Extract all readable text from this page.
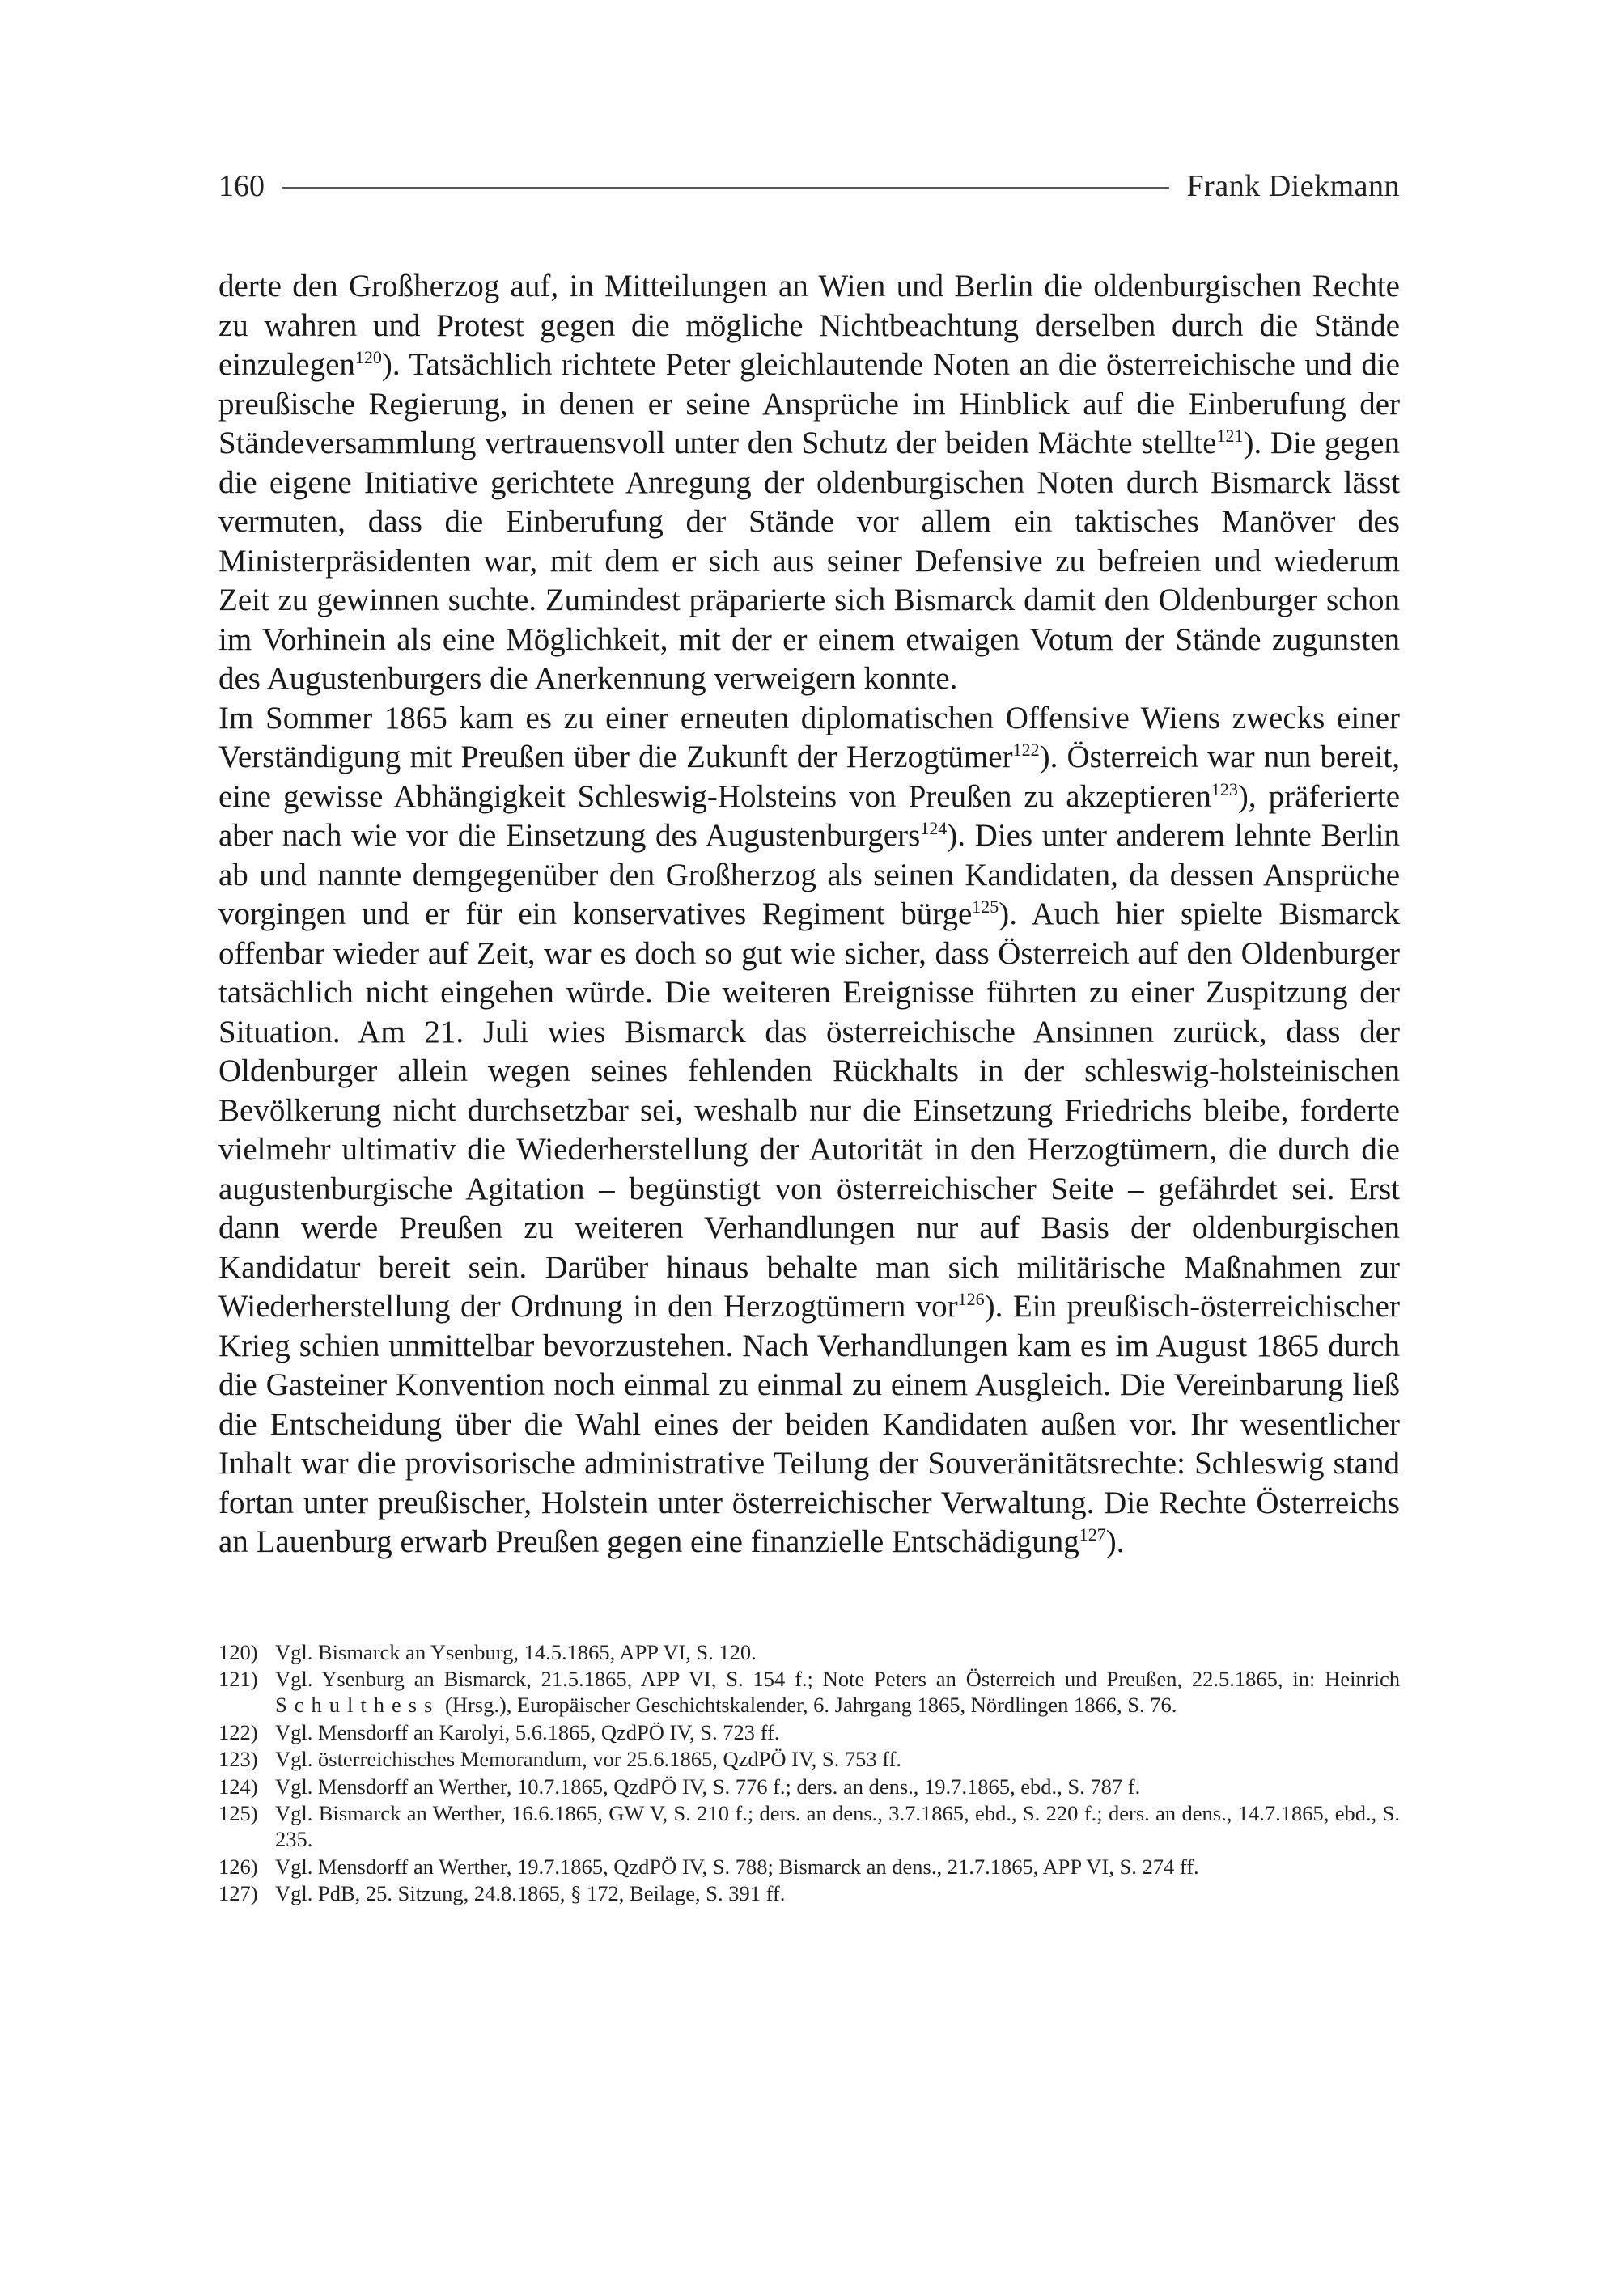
160	Frank Diekmann

derte den Großherzog auf, in Mitteilungen an Wien und Berlin die oldenburgischen Rechte zu wahren und Protest gegen die mögliche Nichtbeachtung derselben durch die Stände einzulegen$^{120}$). Tatsächlich richtete Peter gleichlautende Noten an die österreichische und die preußische Regierung, in denen er seine Ansprüche im Hinblick auf die Einberufung der Ständeversammlung vertrauensvoll unter den Schutz der beiden Mächte stellte$^{121}$). Die gegen die eigene Initiative gerichtete Anregung der oldenburgischen Noten durch Bismarck lässt vermuten, dass die Einberufung der Stände vor allem ein taktisches Manöver des Ministerpräsidenten war, mit dem er sich aus seiner Defensive zu befreien und wiederum Zeit zu gewinnen suchte. Zumindest präparierte sich Bismarck damit den Oldenburger schon im Vorhinein als eine Möglichkeit, mit der er einem etwaigen Votum der Stände zugunsten des Augustenburgers die Anerkennung verweigern konnte.

Im Sommer 1865 kam es zu einer erneuten diplomatischen Offensive Wiens zwecks einer Verständigung mit Preußen über die Zukunft der Herzogtümer$^{122}$). Österreich war nun bereit, eine gewisse Abhängigkeit Schleswig-Holsteins von Preußen zu akzeptieren$^{123}$), präferierte aber nach wie vor die Einsetzung des Augustenburgers$^{124}$). Dies unter anderem lehnte Berlin ab und nannte demgegenüber den Großherzog als seinen Kandidaten, da dessen Ansprüche vorgingen und er für ein konservatives Regiment bürge$^{125}$). Auch hier spielte Bismarck offenbar wieder auf Zeit, war es doch so gut wie sicher, dass Österreich auf den Oldenburger tatsächlich nicht eingehen würde. Die weiteren Ereignisse führten zu einer Zuspitzung der Situation. Am 21. Juli wies Bismarck das österreichische Ansinnen zurück, dass der Oldenburger allein wegen seines fehlenden Rückhalts in der schleswig-holsteinischen Bevölkerung nicht durchsetzbar sei, weshalb nur die Einsetzung Friedrichs bleibe, forderte vielmehr ultimativ die Wiederherstellung der Autorität in den Herzogtümern, die durch die augustenburgische Agitation – begünstigt von österreichischer Seite – gefährdet sei. Erst dann werde Preußen zu weiteren Verhandlungen nur auf Basis der oldenburgischen Kandidatur bereit sein. Darüber hinaus behalte man sich militärische Maßnahmen zur Wiederherstellung der Ordnung in den Herzogtümern vor$^{126}$). Ein preußisch-österreichischer Krieg schien unmittelbar bevorzustehen. Nach Verhandlungen kam es im August 1865 durch die Gasteiner Konvention noch einmal zu einmal zu einem Ausgleich. Die Vereinbarung ließ die Entscheidung über die Wahl eines der beiden Kandidaten außen vor. Ihr wesentlicher Inhalt war die provisorische administrative Teilung der Souveränitätsrechte: Schleswig stand fortan unter preußischer, Holstein unter österreichischer Verwaltung. Die Rechte Österreichs an Lauenburg erwarb Preußen gegen eine finanzielle Entschädigung$^{127}$).

120) Vgl. Bismarck an Ysenburg, 14.5.1865, APP VI, S. 120.
121) Vgl. Ysenburg an Bismarck, 21.5.1865, APP VI, S. 154 f.; Note Peters an Österreich und Preußen, 22.5.1865, in: Heinrich Schulthess (Hrsg.), Europäischer Geschichtskalender, 6. Jahrgang 1865, Nördlingen 1866, S. 76.
122) Vgl. Mensdorff an Karolyi, 5.6.1865, QzdPÖ IV, S. 723 ff.
123) Vgl. österreichisches Memorandum, vor 25.6.1865, QzdPÖ IV, S. 753 ff.
124) Vgl. Mensdorff an Werther, 10.7.1865, QzdPÖ IV, S. 776 f.; ders. an dens., 19.7.1865, ebd., S. 787 f.
125) Vgl. Bismarck an Werther, 16.6.1865, GW V, S. 210 f.; ders. an dens., 3.7.1865, ebd., S. 220 f.; ders. an dens., 14.7.1865, ebd., S. 235.
126) Vgl. Mensdorff an Werther, 19.7.1865, QzdPÖ IV, S. 788; Bismarck an dens., 21.7.1865, APP VI, S. 274 ff.
127) Vgl. PdB, 25. Sitzung, 24.8.1865, § 172, Beilage, S. 391 ff.
